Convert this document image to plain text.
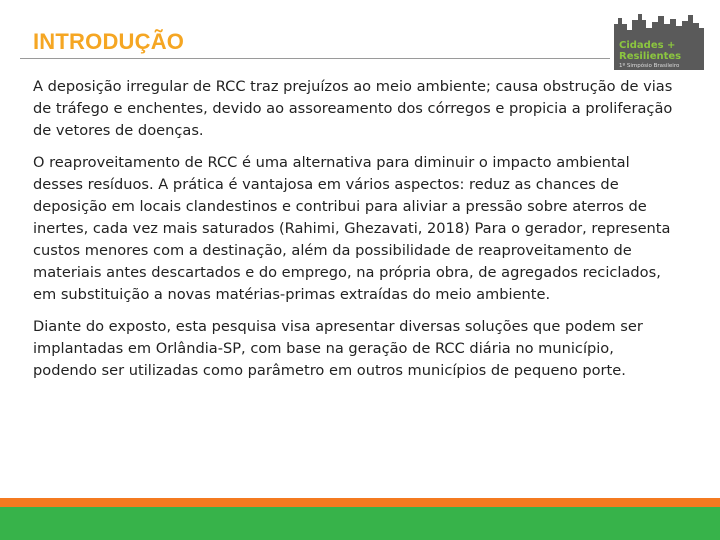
INTRODUÇÃO	Cidades +
Resilientes
1º Simpósio Brasileiro

A deposição irregular de RCC traz prejuízos ao meio ambiente; causa obstrução de vias de tráfego e enchentes, devido ao assoreamento dos córregos e propicia a proliferação de vetores de doenças.

O reaproveitamento de RCC é uma alternativa para diminuir o impacto ambiental desses resíduos. A prática é vantajosa em vários aspectos: reduz as chances de deposição em locais clandestinos e contribui para aliviar a pressão sobre aterros de inertes, cada vez mais saturados (Rahimi, Ghezavati, 2018) Para o gerador, representa custos menores com a destinação, além da possibilidade de reaproveitamento de materiais antes descartados e do emprego, na própria obra, de agregados reciclados, em substituição a novas matérias-primas extraídas do meio ambiente.

Diante do exposto, esta pesquisa visa apresentar diversas soluções que podem ser implantadas em Orlândia-SP, com base na geração de RCC diária no município, podendo ser utilizadas como parâmetro em outros municípios de pequeno porte.
